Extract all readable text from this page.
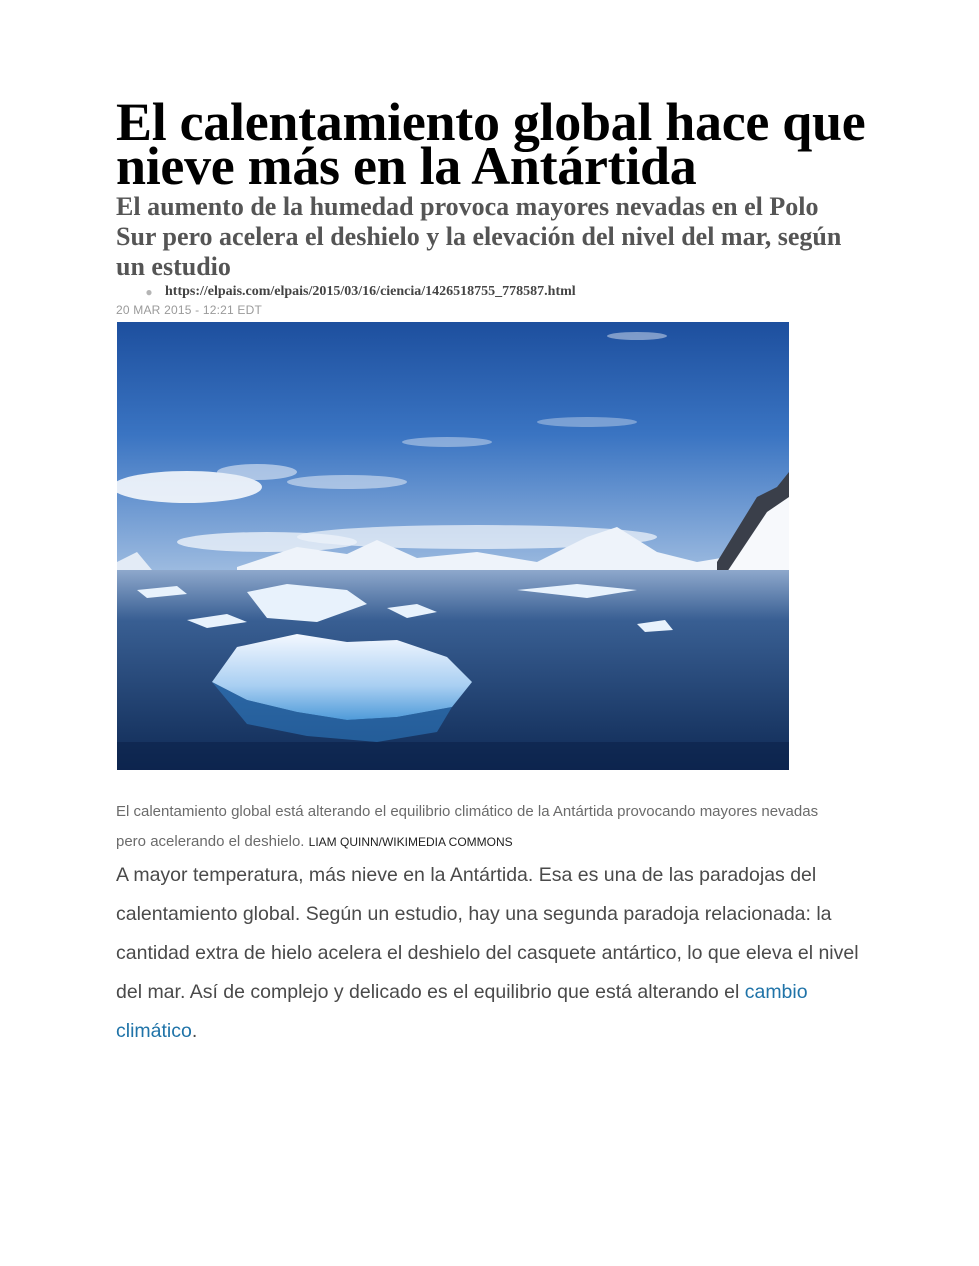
El calentamiento global hace que nieve más en la Antártida
El aumento de la humedad provoca mayores nevadas en el Polo Sur pero acelera el deshielo y la elevación del nivel del mar, según un estudio
● https://elpais.com/elpais/2015/03/16/ciencia/1426518755_778587.html
20 MAR 2015 - 12:21 EDT
El calentamiento global está alterando el equilibrio climático de la Antártida provocando mayores nevadas pero acelerando el deshielo. LIAM QUINN/WIKIMEDIA COMMONS
A mayor temperatura, más nieve en la Antártida. Esa es una de las paradojas del calentamiento global. Según un estudio, hay una segunda paradoja relacionada: la cantidad extra de hielo acelera el deshielo del casquete antártico, lo que eleva el nivel del mar. Así de complejo y delicado es el equilibrio que está alterando el cambio climático.
